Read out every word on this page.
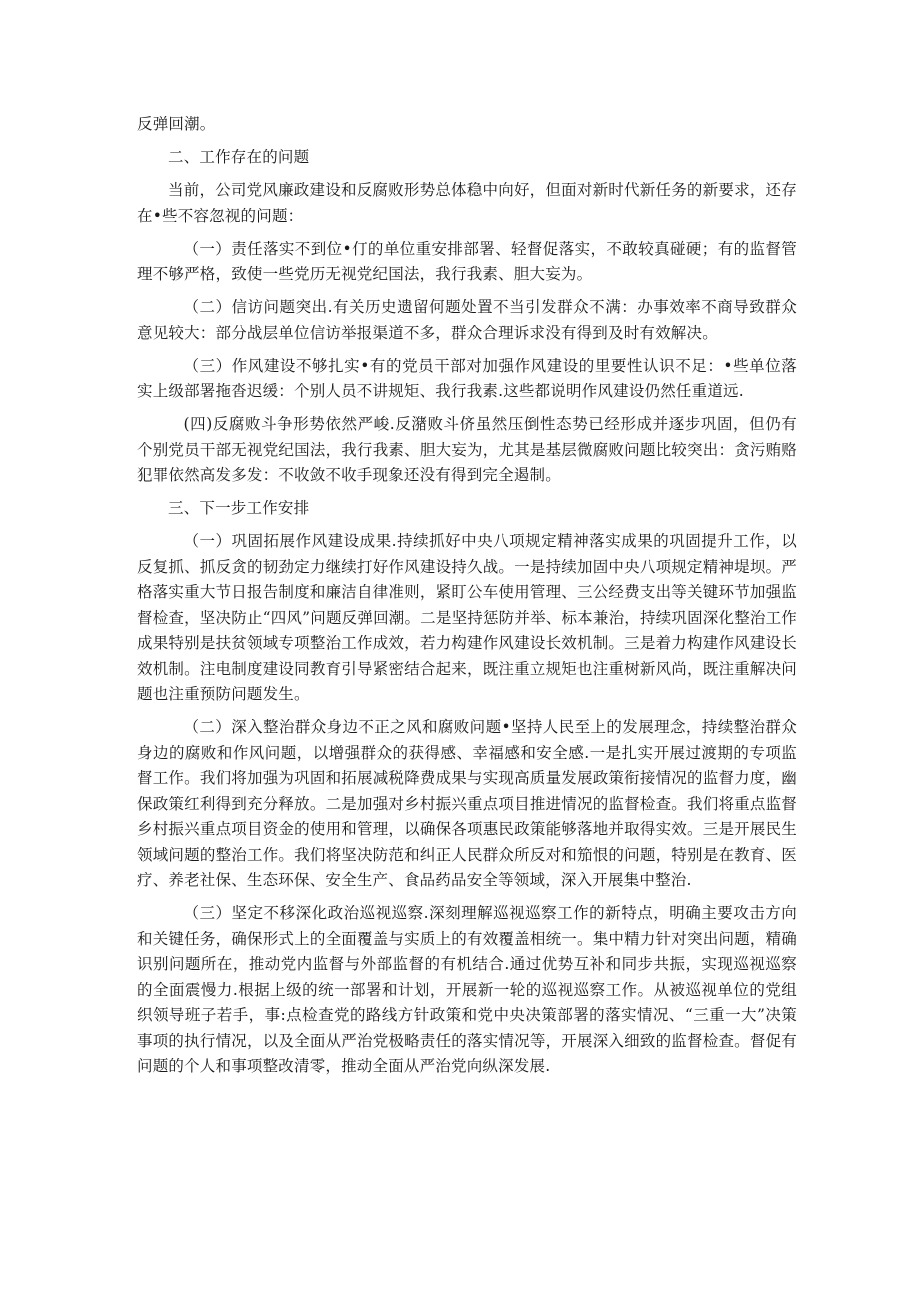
反弹回潮。

二、工作存在的问题

当前，公司党风廉政建设和反腐败形势总体稳中向好，但面对新时代新任务的新要求，还存在•些不容忽视的问题：

（一）责任落实不到位•仃的单位重安排部署、轻督促落实，不敢较真碰硬；有的监督管理不够严格，致使一些党历无视党纪国法，我行我素、胆大妄为。

（二）信访问题突出.有关历史遗留何题处置不当引发群众不满：办事效率不商导致群众意见较大：部分战层单位信访举报渠道不多，群众合理诉求没有得到及时有效解决。

（三）作风建设不够扎实•有的党员干部对加强作风建设的里要性认识不足：•些单位落实上级部署拖沓迟缓：个别人员不讲规矩、我行我素.这些都说明作风建设仍然任重道远.

(四)反腐败斗争形势依然严峻.反潴败斗侪虽然压倒性态势已经形成并逐步巩固，但仍有个别党员干部无视党纪国法，我行我素、胆大妄为，尤其是基层微腐败问题比较突出：贪污贿赂犯罪依然高发多发：不收敛不收手现象还没有得到完全遏制。

三、下一步工作安排

（一）巩固拓展作风建设成果.持续抓好中央八项规定精神落实成果的巩固提升工作，以反复抓、抓反贪的韧劲定力继续打好作风建设持久战。一是持续加固中央八项规定精神堤坝。严格落实重大节日报告制度和廉洁自律准则，紧盯公车使用管理、三公经费支出等关键环节加强监督检查，坚决防止“四风”问题反弹回潮。二是坚持惩防并举、标本兼治，持续巩固深化整治工作成果特别是扶贫领域专项整治工作成效，若力构建作风建设长效机制。三是着力构建作风建设长效机制。注电制度建设同教育引导紧密结合起来，既注重立规矩也注重树新风尚，既注重解决问题也注重预防问题发生。

（二）深入整治群众身边不正之风和腐败问题•坚持人民至上的发展理念，持续整治群众身边的腐败和作风问题，以增强群众的获得感、幸福感和安全感.一是扎实开展过渡期的专项监督工作。我们将加强为巩固和拓展减税降费成果与实现高质量发展政策衔接情况的监督力度，幽保政策红利得到充分释放。二是加强对乡村振兴重点项目推进情况的监督检查。我们将重点监督乡村振兴重点项目资金的使用和管理，以确保各项惠民政策能够落地并取得实效。三是开展民生领域问题的整治工作。我们将坚决防范和纠正人民群众所反对和笳恨的问题，特别是在教育、医疗、养老社保、生态环保、安全生产、食品药品安全等领域，深入开展集中整治.

（三）坚定不移深化政治巡视巡察.深刻理解巡视巡察工作的新特点，明确主要攻击方向和关键任务，确保形式上的全面覆盖与实质上的有效覆盖相统一。集中精力针对突出问题，精确识别问题所在，推动党内监督与外部监督的有机结合.通过优势互补和同步共振，实现巡视巡察的全面震慢力.根据上级的统一部署和计划，开展新一轮的巡视巡察工作。从被巡视单位的党组织领导班子若手，事:点检查党的路线方针政策和党中央决策部署的落实情况、“三重一大”决策事项的执行情况，以及全面从严治党极略责任的落实情况等，开展深入细致的监督检查。督促有问题的个人和事项整改清零，推动全面从严治党向纵深发展.
